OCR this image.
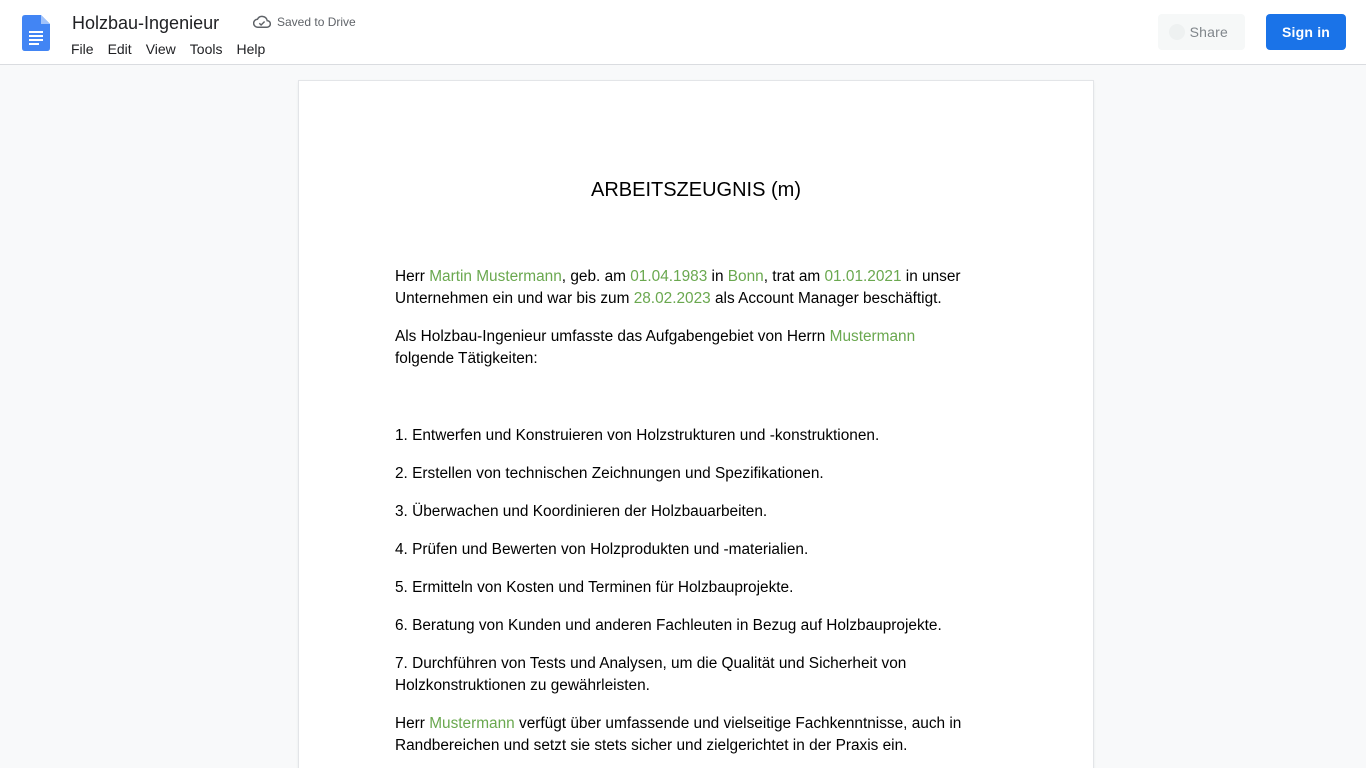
Holzbau-Ingenieur	Saved to Drive
File	Edit	View	Tools	Help
Share	Sign in
ARBEITSZEUGNIS (m)

Herr Martin Mustermann, geb. am 01.04.1983 in Bonn, trat am 01.01.2021 in unser Unternehmen ein und war bis zum 28.02.2023 als Account Manager beschäftigt.

Als Holzbau-Ingenieur umfasste das Aufgabengebiet von Herrn Mustermann
folgende Tätigkeiten:

1. Entwerfen und Konstruieren von Holzstrukturen und -konstruktionen.

2. Erstellen von technischen Zeichnungen und Spezifikationen.

3. Überwachen und Koordinieren der Holzbauarbeiten.

4. Prüfen und Bewerten von Holzprodukten und -materialien.

5. Ermitteln von Kosten und Terminen für Holzbauprojekte.

6. Beratung von Kunden und anderen Fachleuten in Bezug auf Holzbauprojekte.

7. Durchführen von Tests und Analysen, um die Qualität und Sicherheit von Holzkonstruktionen zu gewährleisten.

Herr Mustermann verfügt über umfassende und vielseitige Fachkenntnisse, auch in Randbereichen und setzt sie stets sicher und zielgerichtet in der Praxis ein.
